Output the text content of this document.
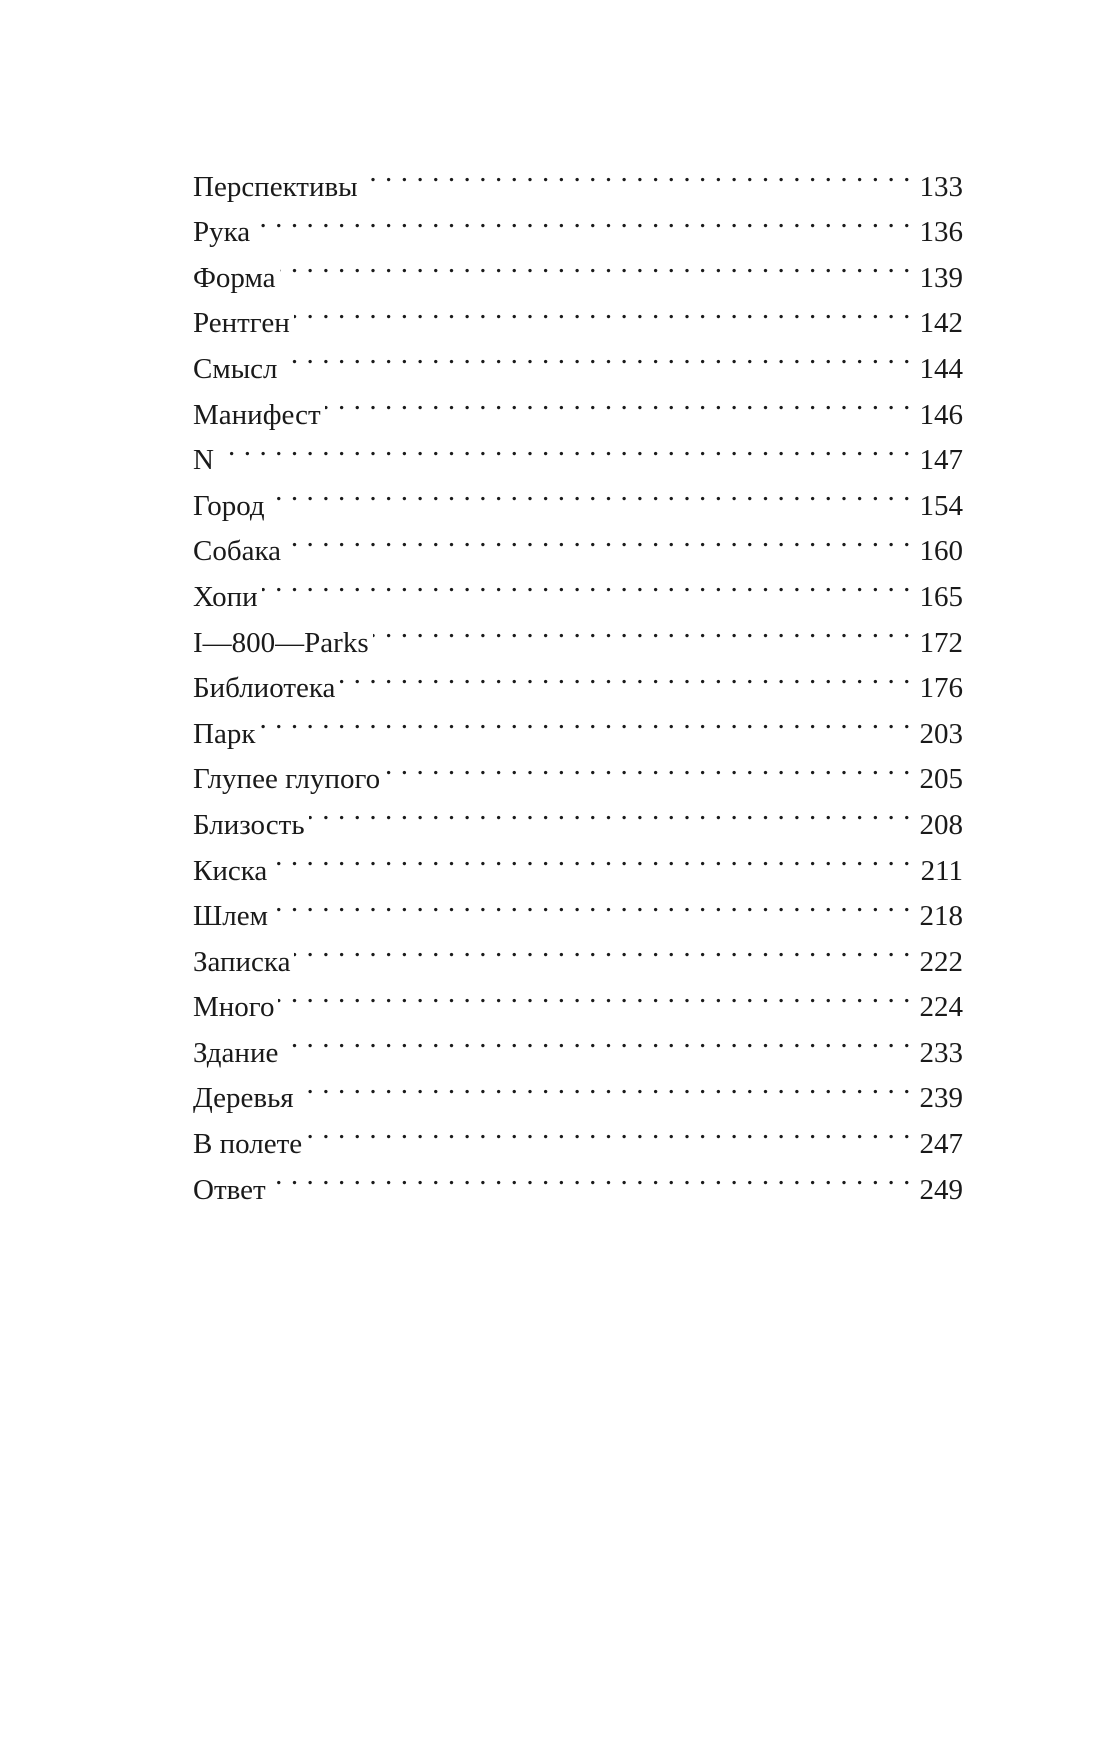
Перспективы . . .	133
Рука . . .	136
Форма . . .	139
Рентген . . .	142
Смысл . . .	144
Манифест . . .	146
N . . .	147
Город . . .	154
Собака . . .	160
Хопи . . .	165
I—800—Parks . . .	172
Библиотека . . .	176
Парк . . .	203
Глупее глупого . . .	205
Близость . . .	208
Киска . . .	211
Шлем . . .	218
Записка . . .	222
Много . . .	224
Здание . . .	233
Деревья . . .	239
В полете . . .	247
Ответ . . .	249
